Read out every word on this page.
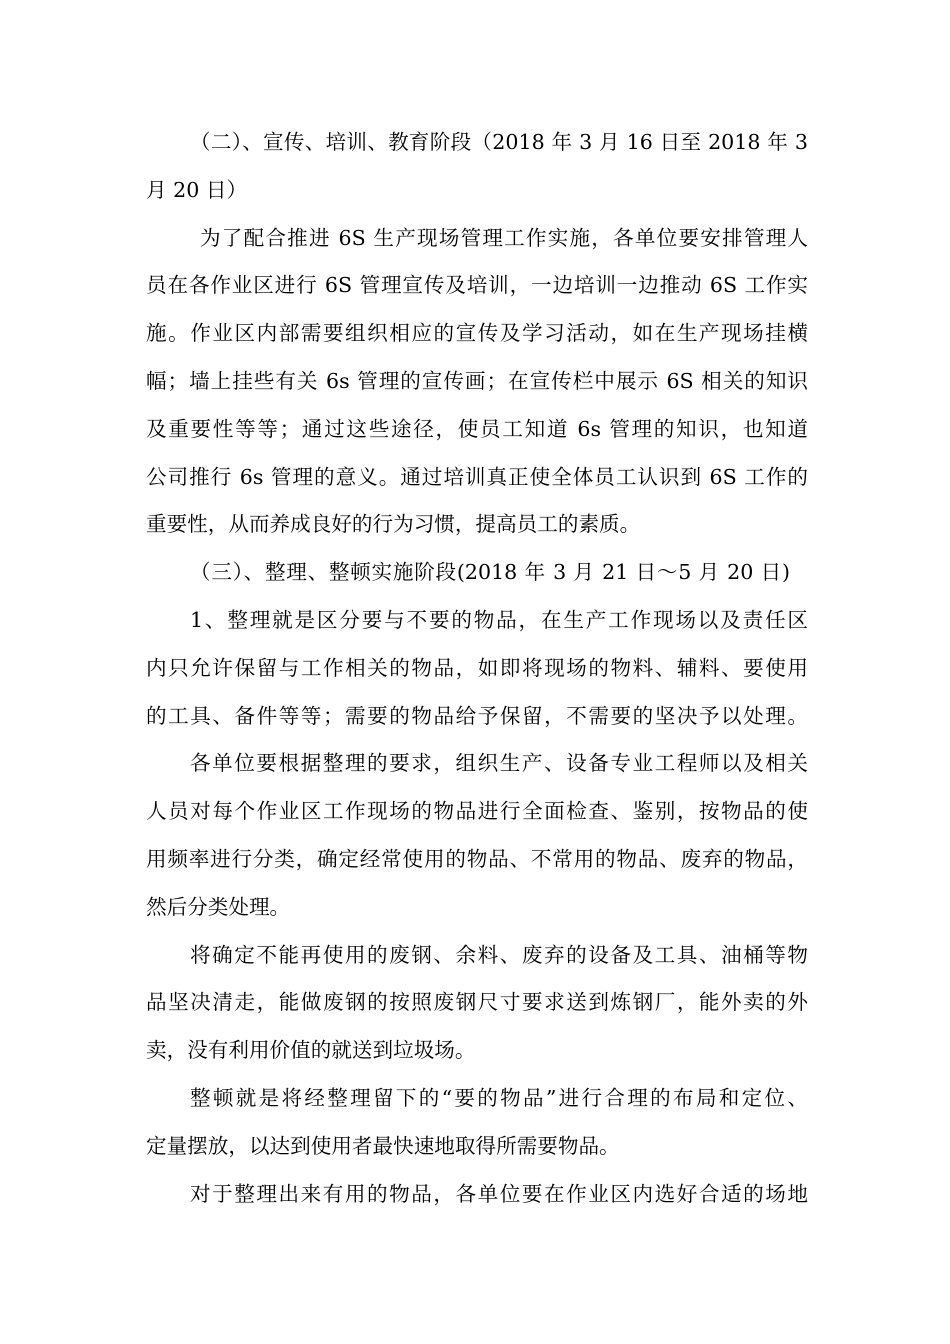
（二）、宣传、培训、教育阶段（2018 年 3 月 16 日至 2018 年 3

月 20 日）

为了配合推进 6S 生产现场管理工作实施，各单位要安排管理人

员在各作业区进行 6S 管理宣传及培训，一边培训一边推动 6S 工作实

施。作业区内部需要组织相应的宣传及学习活动，如在生产现场挂横

幅；墙上挂些有关 6s 管理的宣传画；在宣传栏中展示 6S 相关的知识

及重要性等等；通过这些途径，使员工知道 6s 管理的知识，也知道

公司推行 6s 管理的意义。通过培训真正使全体员工认识到 6S 工作的

重要性，从而养成良好的行为习惯，提高员工的素质。

（三）、整理、整顿实施阶段(2018 年 3 月 21 日～5 月 20 日)

1、整理就是区分要与不要的物品，在生产工作现场以及责任区

内只允许保留与工作相关的物品，如即将现场的物料、辅料、要使用

的工具、备件等等；需要的物品给予保留，不需要的坚决予以处理。

各单位要根据整理的要求，组织生产、设备专业工程师以及相关

人员对每个作业区工作现场的物品进行全面检查、鉴别，按物品的使

用频率进行分类，确定经常使用的物品、不常用的物品、废弃的物品，

然后分类处理。

将确定不能再使用的废钢、余料、废弃的设备及工具、油桶等物

品坚决清走，能做废钢的按照废钢尺寸要求送到炼钢厂，能外卖的外

卖，没有利用价值的就送到垃圾场。

整顿就是将经整理留下的“要的物品”进行合理的布局和定位、

定量摆放，以达到使用者最快速地取得所需要物品。

对于整理出来有用的物品，各单位要在作业区内选好合适的场地
